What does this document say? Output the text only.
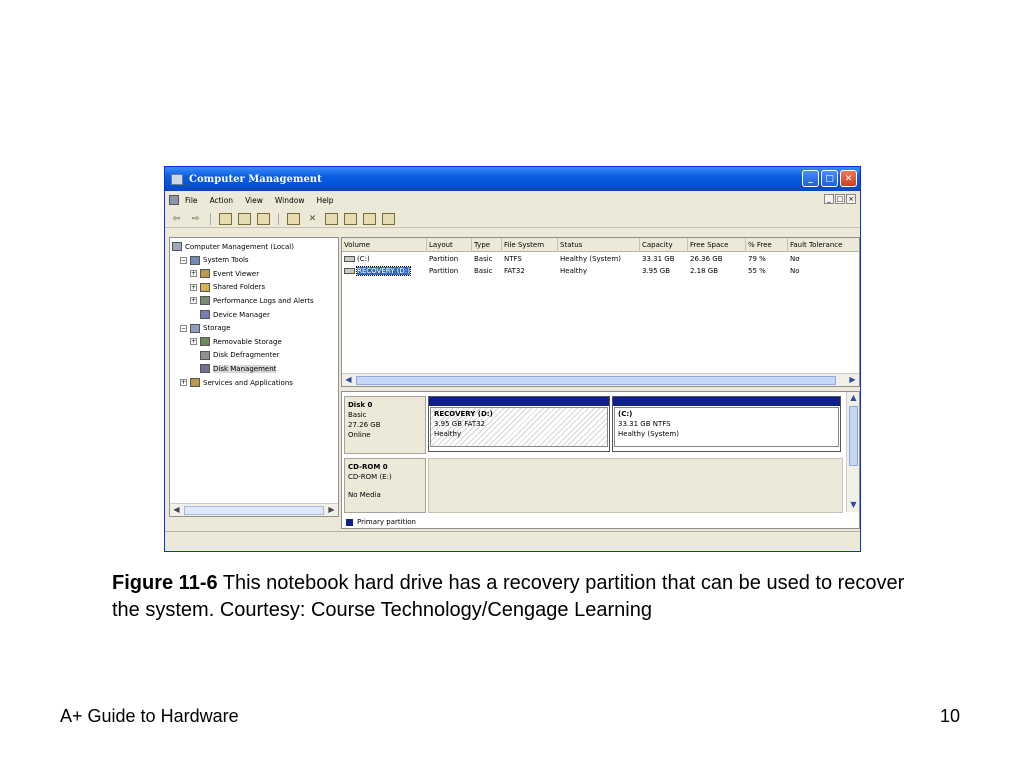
Computer Management	_	□	✕
File Action View Window Help	_ □ ×
⇦	⇨	✕
Computer Management (Local)
− System Tools
+ Event Viewer
+ Shared Folders
+ Performance Logs and Alerts
Device Manager
− Storage
+ Removable Storage
Disk Defragmenter
Disk Management
+ Services and Applications
◀	▶
Volume	Layout	Type	File System	Status	Capacity	Free Space	% Free	Fault Tolerance
◀	▶
(C:)	Partition	Basic	NTFS	Healthy (System)	33.31 GB	26.36 GB	79 %	No
RECOVERY (D:)	Partition	Basic	FAT32	Healthy	3.95 GB	2.18 GB	55 %	No
Disk 0
Basic
27.26 GB
Online
RECOVERY (D:)
3.95 GB FAT32
Healthy
(C:)
33.31 GB NTFS
Healthy (System)
CD-ROM 0
CD-ROM (E:)
No Media
Primary partition
▲
▼
Figure 11-6 This notebook hard drive has a recovery partition that can be used to recover the system. Courtesy: Course Technology/Cengage Learning
A+ Guide to Hardware	10
